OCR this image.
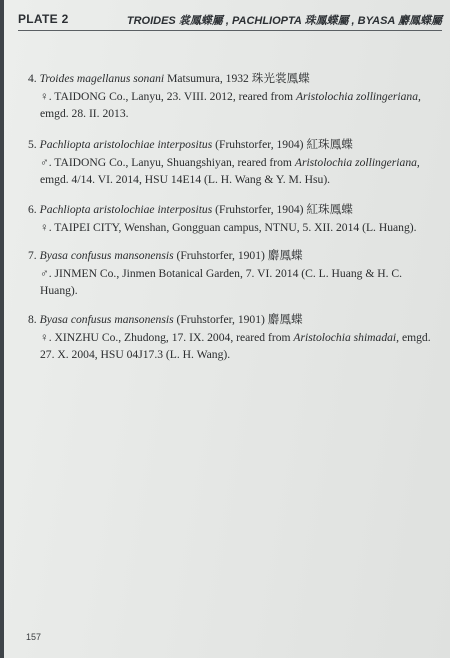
PLATE 2	TROIDES 裳鳳蝶屬 , PACHLIOPTA 珠鳳蝶屬 , BYASA 麝鳳蝶屬
4. Troides magellanus sonani Matsumura, 1932 珠光裳鳳蝶
♀. TAIDONG Co., Lanyu, 23. VIII. 2012, reared from Aristolochia zollingeriana,
emgd. 28. II. 2013.
5. Pachliopta aristolochiae interpositus (Fruhstorfer, 1904) 紅珠鳳蝶
♂. TAIDONG Co., Lanyu, Shuangshiyan, reared from Aristolochia zollingeriana,
emgd. 4/14. VI. 2014, HSU 14E14 (L. H. Wang & Y. M. Hsu).
6. Pachliopta aristolochiae interpositus (Fruhstorfer, 1904) 紅珠鳳蝶
♀. TAIPEI CITY, Wenshan, Gongguan campus, NTNU, 5. XII. 2014 (L. Huang).
7. Byasa confusus mansonensis (Fruhstorfer, 1901) 麝鳳蝶
♂. JINMEN Co., Jinmen Botanical Garden, 7. VI. 2014 (C. L. Huang & H. C.
Huang).
8. Byasa confusus mansonensis (Fruhstorfer, 1901) 麝鳳蝶
♀. XINZHU Co., Zhudong, 17. IX. 2004, reared from Aristolochia shimadai, emgd.
27. X. 2004, HSU 04J17.3 (L. H. Wang).
157
